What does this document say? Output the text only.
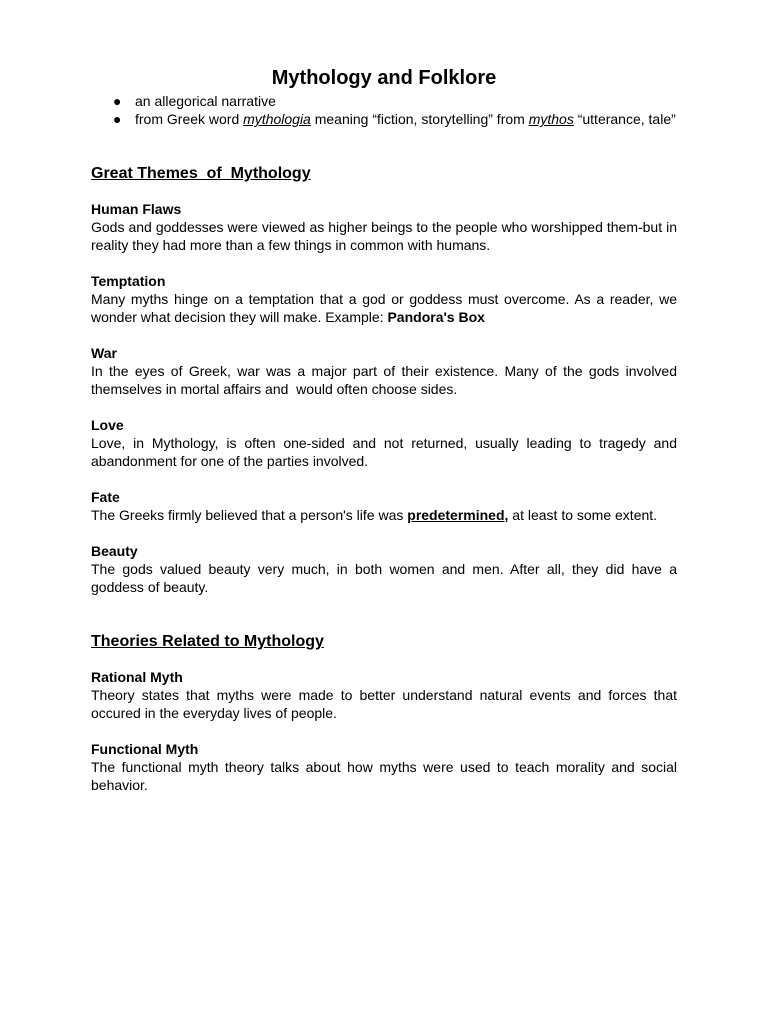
Mythology and Folklore
● an allegorical narrative
● from Greek word mythologia meaning “fiction, storytelling” from mythos “utterance, tale”
Great Themes  of  Mythology
Human Flaws
Gods and goddesses were viewed as higher beings to the people who worshipped them-but in reality they had more than a few things in common with humans.
Temptation
Many myths hinge on a temptation that a god or goddess must overcome. As a reader, we wonder what decision they will make. Example: Pandora's Box
War
In the eyes of Greek, war was a major part of their existence. Many of the gods involved themselves in mortal affairs and  would often choose sides.
Love
Love, in Mythology, is often one-sided and not returned, usually leading to tragedy and abandonment for one of the parties involved.
Fate
The Greeks firmly believed that a person's life was predetermined, at least to some extent.
Beauty
The gods valued beauty very much, in both women and men. After all, they did have a goddess of beauty.
Theories Related to Mythology
Rational Myth
Theory states that myths were made to better understand natural events and forces that occured in the everyday lives of people.
Functional Myth
The functional myth theory talks about how myths were used to teach morality and social behavior.
